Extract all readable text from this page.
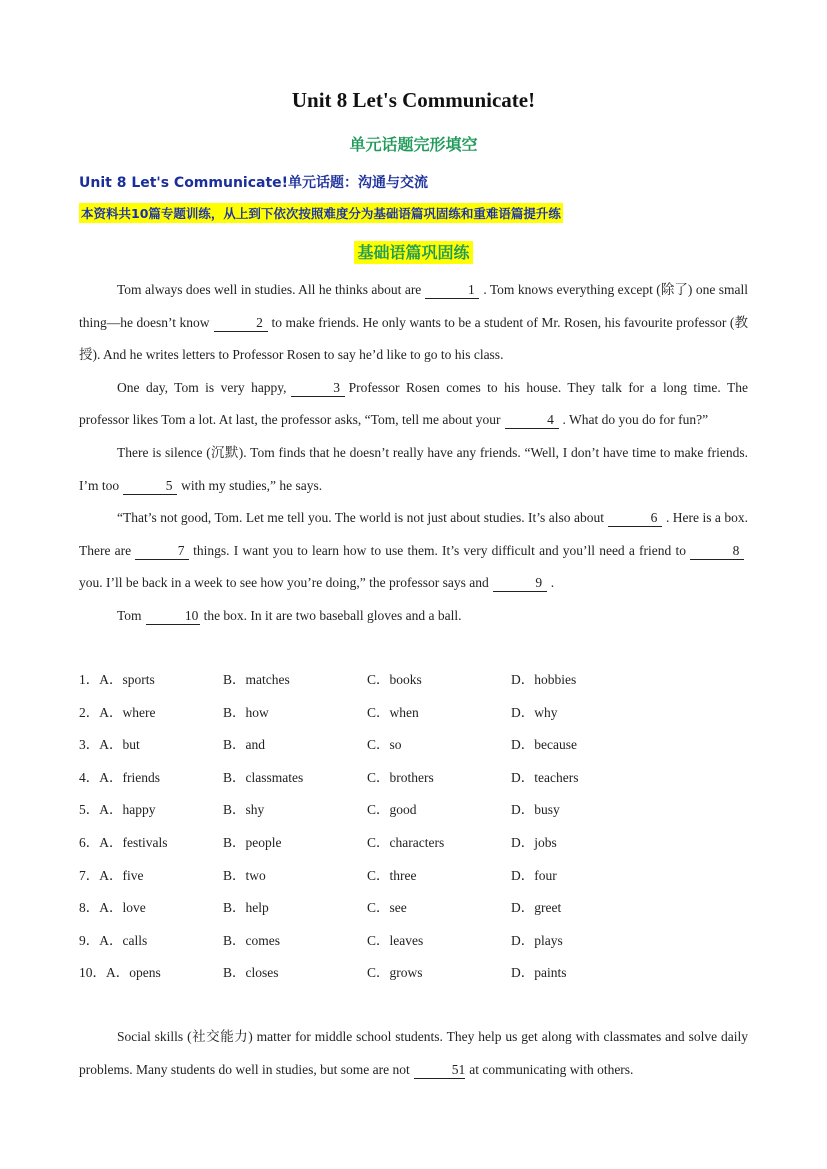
Unit 8 Let's Communicate!
单元话题完形填空
Unit 8 Let's Communicate!单元话题：沟通与交流
本资料共10篇专题训练，从上到下依次按照难度分为基础语篇巩固练和重难语篇提升练
基础语篇巩固练

Tom always does well in studies. All he thinks about are	1 . Tom knows everything except (除了) one small thing—he doesn’t know	2 to make friends. He only wants to be a student of Mr. Rosen, his favourite professor (教授). And he writes letters to Professor Rosen to say he’d like to go to his class.

One day, Tom is very happy,	3 Professor Rosen comes to his house. They talk for a long time. The professor likes Tom a lot. At last, the professor asks, “Tom, tell me about your	4 . What do you do for fun?”

There is silence (沉默). Tom finds that he doesn’t really have any friends. “Well, I don’t have time to make friends. I’m too	5 with my studies,” he says.

“That’s not good, Tom. Let me tell you. The world is not just about studies. It’s also about	6 . Here is a box. There are	7 things. I want you to learn how to use them. It’s very difficult and you’ll need a friend to	8you. I’ll be back in a week to see how you’re doing,” the professor says and	9 .

Tom	10 the box. In it are two baseball gloves and a ball.

1．A．sports	B．matches	C．books	D．hobbies
2．A．where	B．how	C．when	D．why
3．A．but	B．and	C．so	D．because
4．A．friends	B．classmates	C．brothers	D．teachers
5．A．happy	B．shy	C．good	D．busy
6．A．festivals	B．people	C．characters	D．jobs
7．A．five	B．two	C．three	D．four
8．A．love	B．help	C．see	D．greet
9．A．calls	B．comes	C．leaves	D．plays
10．A．opens	B．closes	C．grows	D．paints

Social skills (社交能力) matter for middle school students. They help us get along with classmates and solve daily problems. Many students do well in studies, but some are not	51 at communicating with others.
